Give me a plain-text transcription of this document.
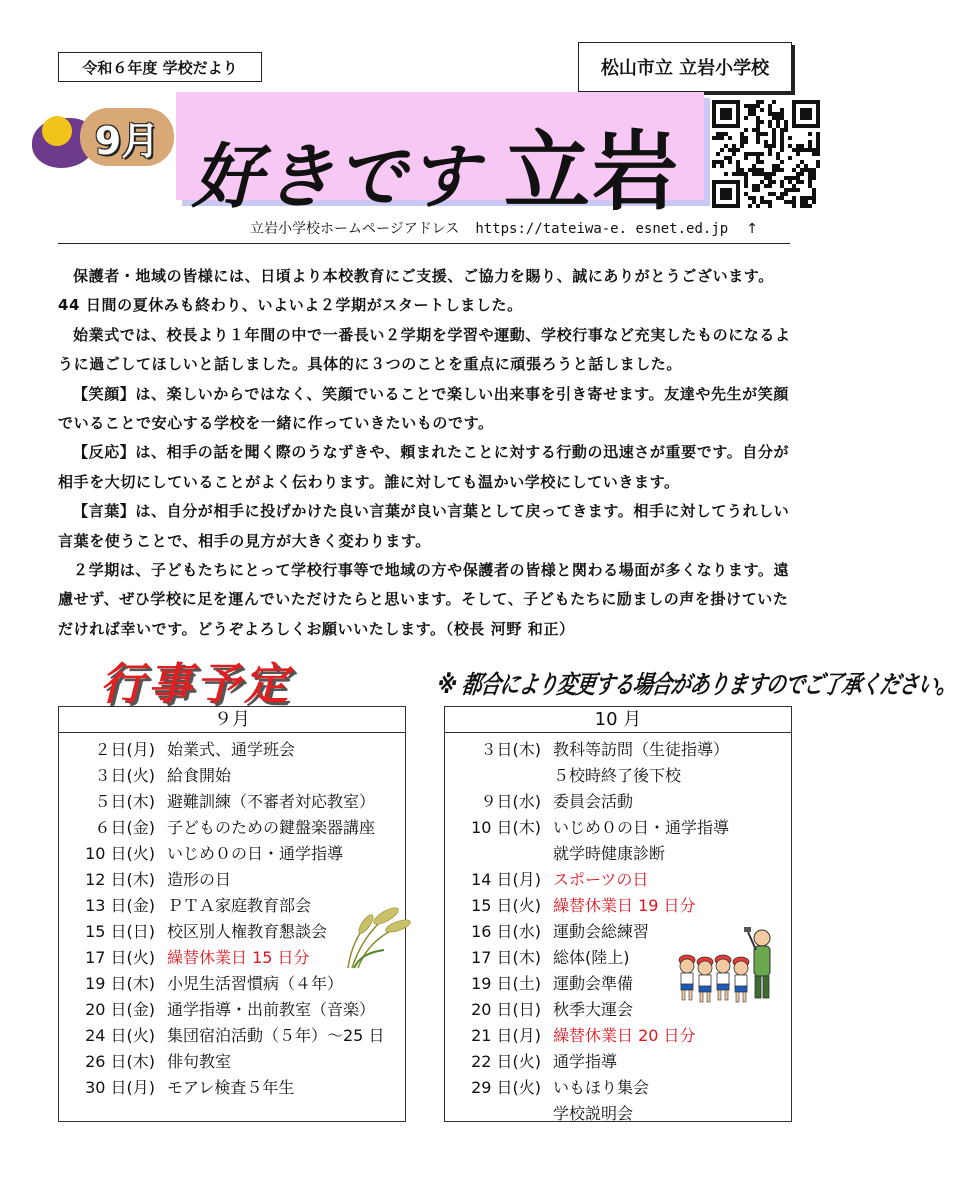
令和６年度 学校だより	松山市立 立岩小学校
9月 好きです 立岩
立岩小学校ホームページアドレス https://tateiwa-e. esnet.ed.jp ↑

保護者・地域の皆様には、日頃より本校教育にご支援、ご協力を賜り、誠にありがとうございます。44 日間の夏休みも終わり、いよいよ２学期がスタートしました。

始業式では、校長より１年間の中で一番長い２学期を学習や運動、学校行事など充実したものになるように過ごしてほしいと話しました。具体的に３つのことを重点に頑張ろうと話しました。

【笑顔】は、楽しいからではなく、笑顔でいることで楽しい出来事を引き寄せます。友達や先生が笑顔でいることで安心する学校を一緒に作っていきたいものです。

【反応】は、相手の話を聞く際のうなずきや、頼まれたことに対する行動の迅速さが重要です。自分が相手を大切にしていることがよく伝わります。誰に対しても温かい学校にしていきます。

【言葉】は、自分が相手に投げかけた良い言葉が良い言葉として戻ってきます。相手に対してうれしい言葉を使うことで、相手の見方が大きく変わります。

２学期は、子どもたちにとって学校行事等で地域の方や保護者の皆様と関わる場面が多くなります。遠慮せず、ぜひ学校に足を運んでいただけたらと思います。そして、子どもたちに励ましの声を掛けていただければ幸いです。どうぞよろしくお願いいたします。（校長 河野 和正）

行事予定	※ 都合により変更する場合がありますのでご了承ください。
９月
２日(月) 始業式、通学班会
３日(火) 給食開始
５日(木) 避難訓練（不審者対応教室）
６日(金) 子どものための鍵盤楽器講座
10 日(火) いじめ０の日・通学指導
12 日(木) 造形の日
13 日(金) ＰＴＡ家庭教育部会
15 日(日) 校区別人権教育懇談会
17 日(火) 繰替休業日 15 日分
19 日(木) 小児生活習慣病（４年）
20 日(金) 通学指導・出前教室（音楽）
24 日(火) 集団宿泊活動（５年）～25 日
26 日(木) 俳句教室
30 日(月) モアレ検査５年生
10 月
３日(木) 教科等訪問（生徒指導）
５校時終了後下校
９日(水) 委員会活動
10 日(木) いじめ０の日・通学指導
就学時健康診断
14 日(月) スポーツの日
15 日(火) 繰替休業日 19 日分
16 日(水) 運動会総練習
17 日(木) 総体(陸上)
19 日(土) 運動会準備
20 日(日) 秋季大運会
21 日(月) 繰替休業日 20 日分
22 日(火) 通学指導
29 日(火) いもほり集会
学校説明会
